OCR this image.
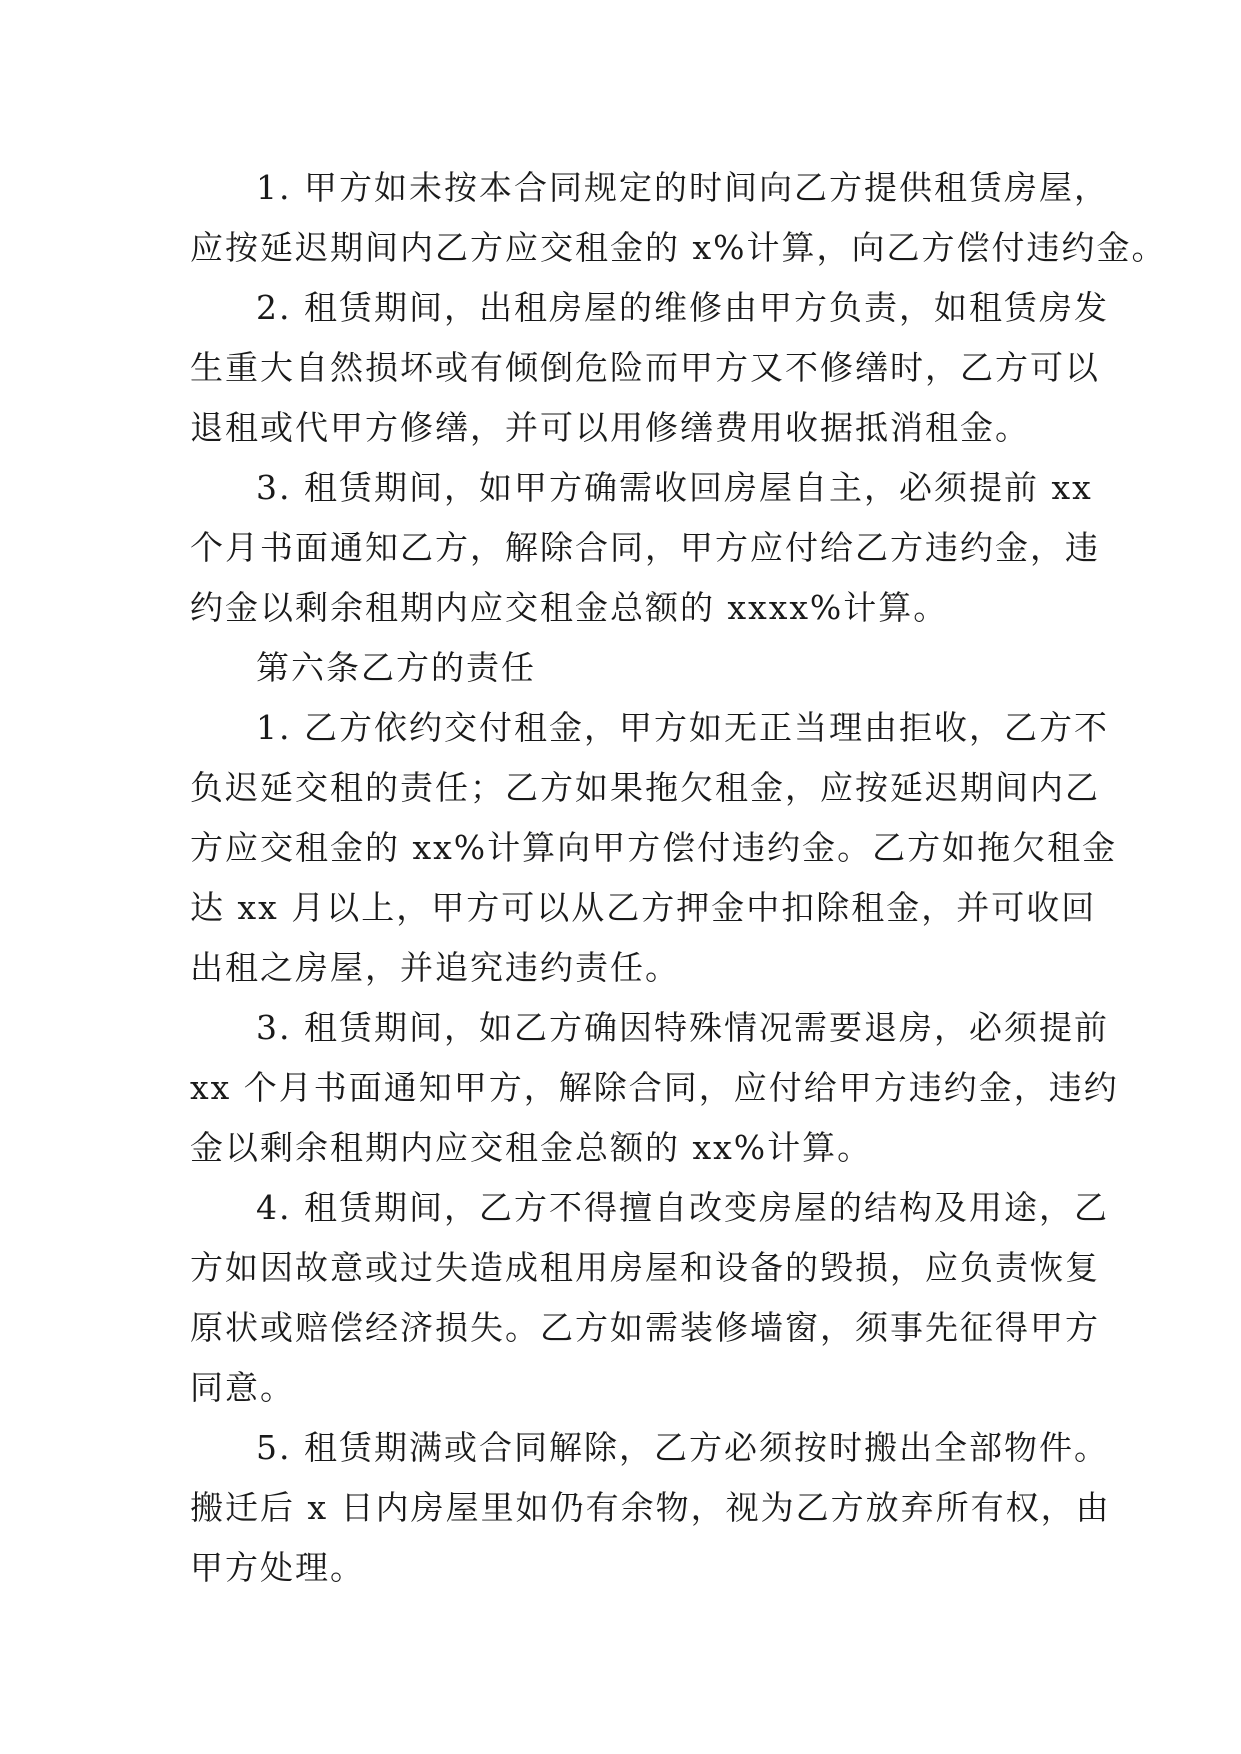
1. 甲方如未按本合同规定的时间向乙方提供租赁房屋，
应按延迟期间内乙方应交租金的 x%计算，向乙方偿付违约金。
2. 租赁期间，出租房屋的维修由甲方负责，如租赁房发
生重大自然损坏或有倾倒危险而甲方又不修缮时，乙方可以
退租或代甲方修缮，并可以用修缮费用收据抵消租金。
3. 租赁期间，如甲方确需收回房屋自主，必须提前 xx
个月书面通知乙方，解除合同，甲方应付给乙方违约金，违
约金以剩余租期内应交租金总额的 xxxx%计算。
第六条乙方的责任
1. 乙方依约交付租金，甲方如无正当理由拒收，乙方不
负迟延交租的责任；乙方如果拖欠租金，应按延迟期间内乙
方应交租金的 xx%计算向甲方偿付违约金。乙方如拖欠租金
达 xx 月以上，甲方可以从乙方押金中扣除租金，并可收回
出租之房屋，并追究违约责任。
3. 租赁期间，如乙方确因特殊情况需要退房，必须提前
xx 个月书面通知甲方，解除合同，应付给甲方违约金，违约
金以剩余租期内应交租金总额的 xx%计算。
4. 租赁期间，乙方不得擅自改变房屋的结构及用途，乙
方如因故意或过失造成租用房屋和设备的毁损，应负责恢复
原状或赔偿经济损失。乙方如需装修墙窗，须事先征得甲方
同意。
5. 租赁期满或合同解除，乙方必须按时搬出全部物件。
搬迁后 x 日内房屋里如仍有余物，视为乙方放弃所有权，由
甲方处理。
